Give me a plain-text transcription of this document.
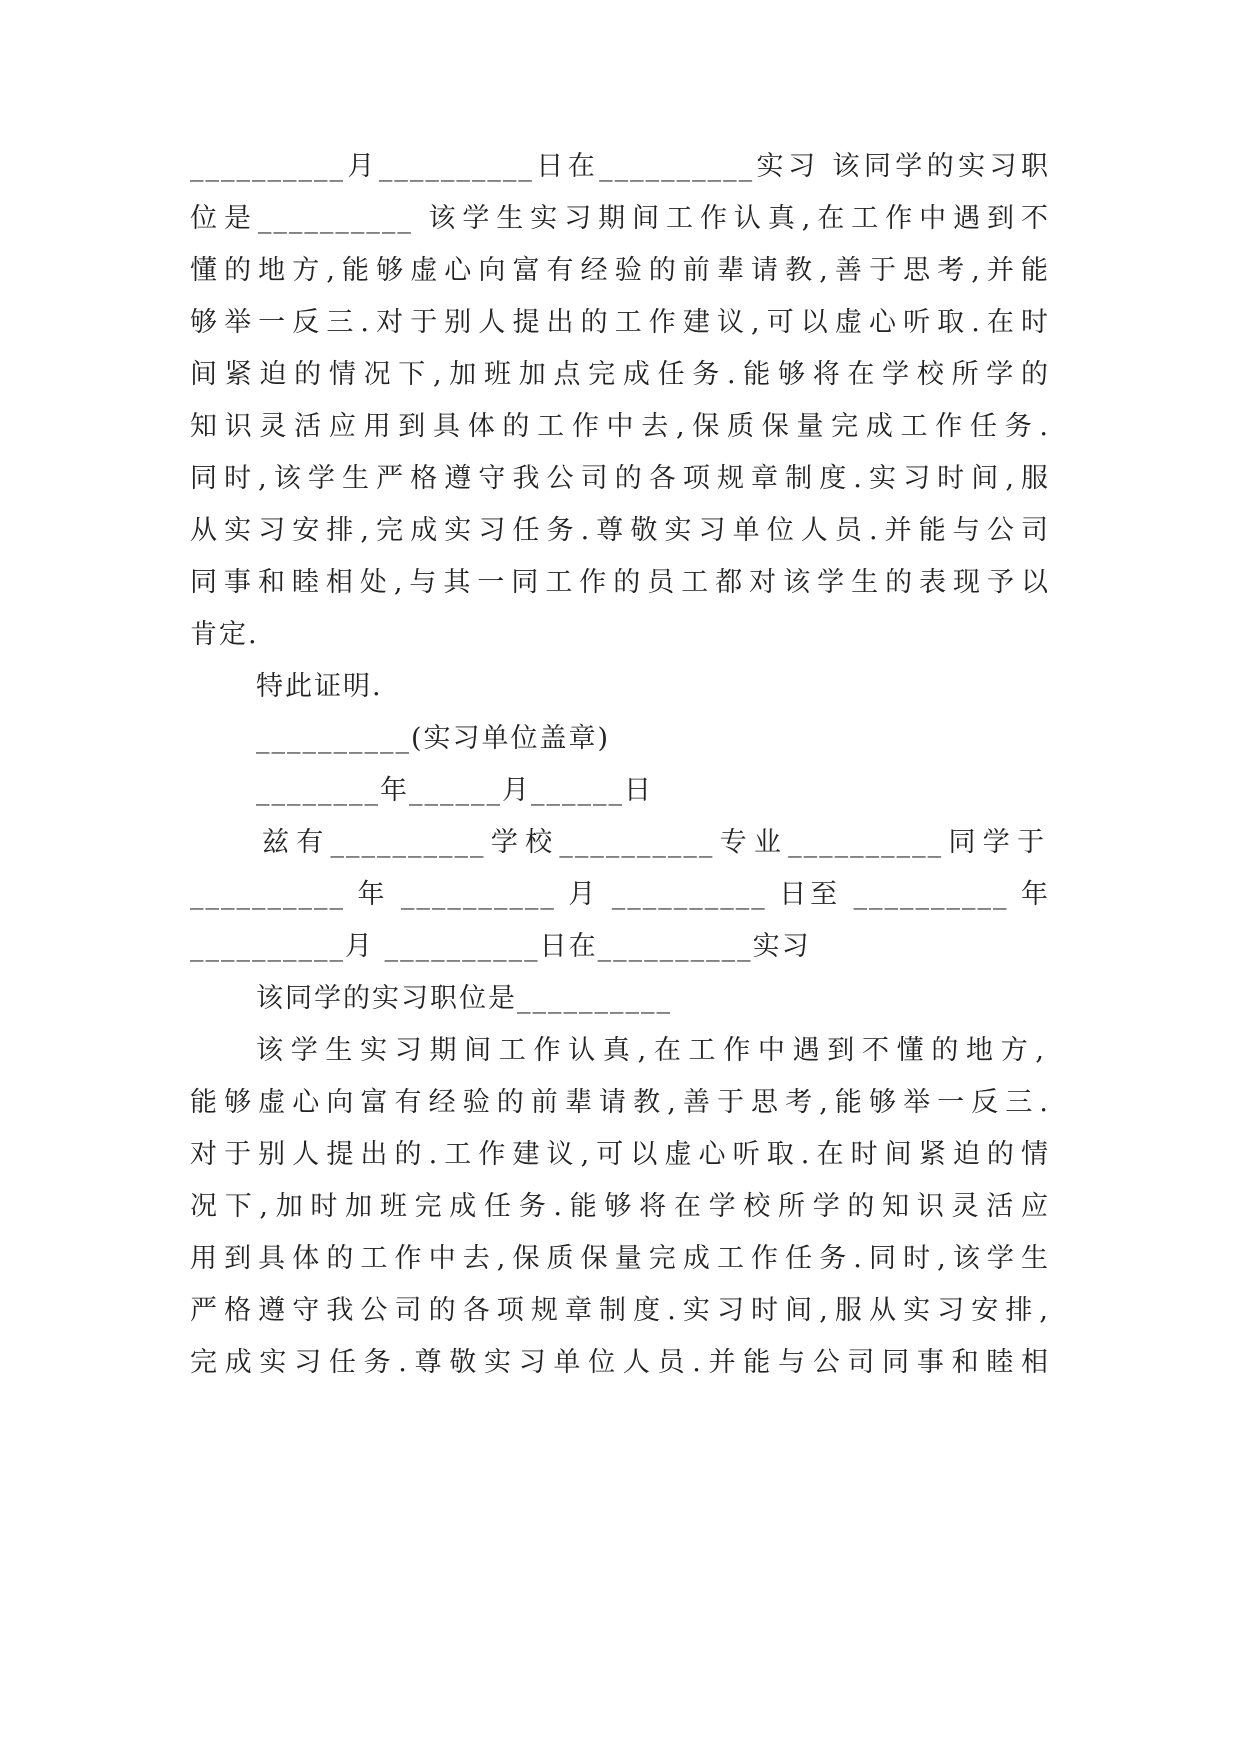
__________月__________日在__________实习 该同学的实习职
位是__________ 该学生实习期间工作认真,在工作中遇到不
懂的地方,能够虚心向富有经验的前辈请教,善于思考,并能
够举一反三.对于别人提出的工作建议,可以虚心听取.在时
间紧迫的情况下,加班加点完成任务.能够将在学校所学的
知识灵活应用到具体的工作中去,保质保量完成工作任务.
同时,该学生严格遵守我公司的各项规章制度.实习时间,服
从实习安排,完成实习任务.尊敬实习单位人员.并能与公司
同事和睦相处,与其一同工作的员工都对该学生的表现予以
肯定.
特此证明.
__________(实习单位盖章)
________年______月______日
兹有__________学校__________专业__________同学于
__________ 年 __________ 月 __________ 日至 __________ 年
__________月 __________日在__________实习
该同学的实习职位是__________
该学生实习期间工作认真,在工作中遇到不懂的地方,
能够虚心向富有经验的前辈请教,善于思考,能够举一反三.
对于别人提出的.工作建议,可以虚心听取.在时间紧迫的情
况下,加时加班完成任务.能够将在学校所学的知识灵活应
用到具体的工作中去,保质保量完成工作任务.同时,该学生
严格遵守我公司的各项规章制度.实习时间,服从实习安排,
完成实习任务.尊敬实习单位人员.并能与公司同事和睦相
